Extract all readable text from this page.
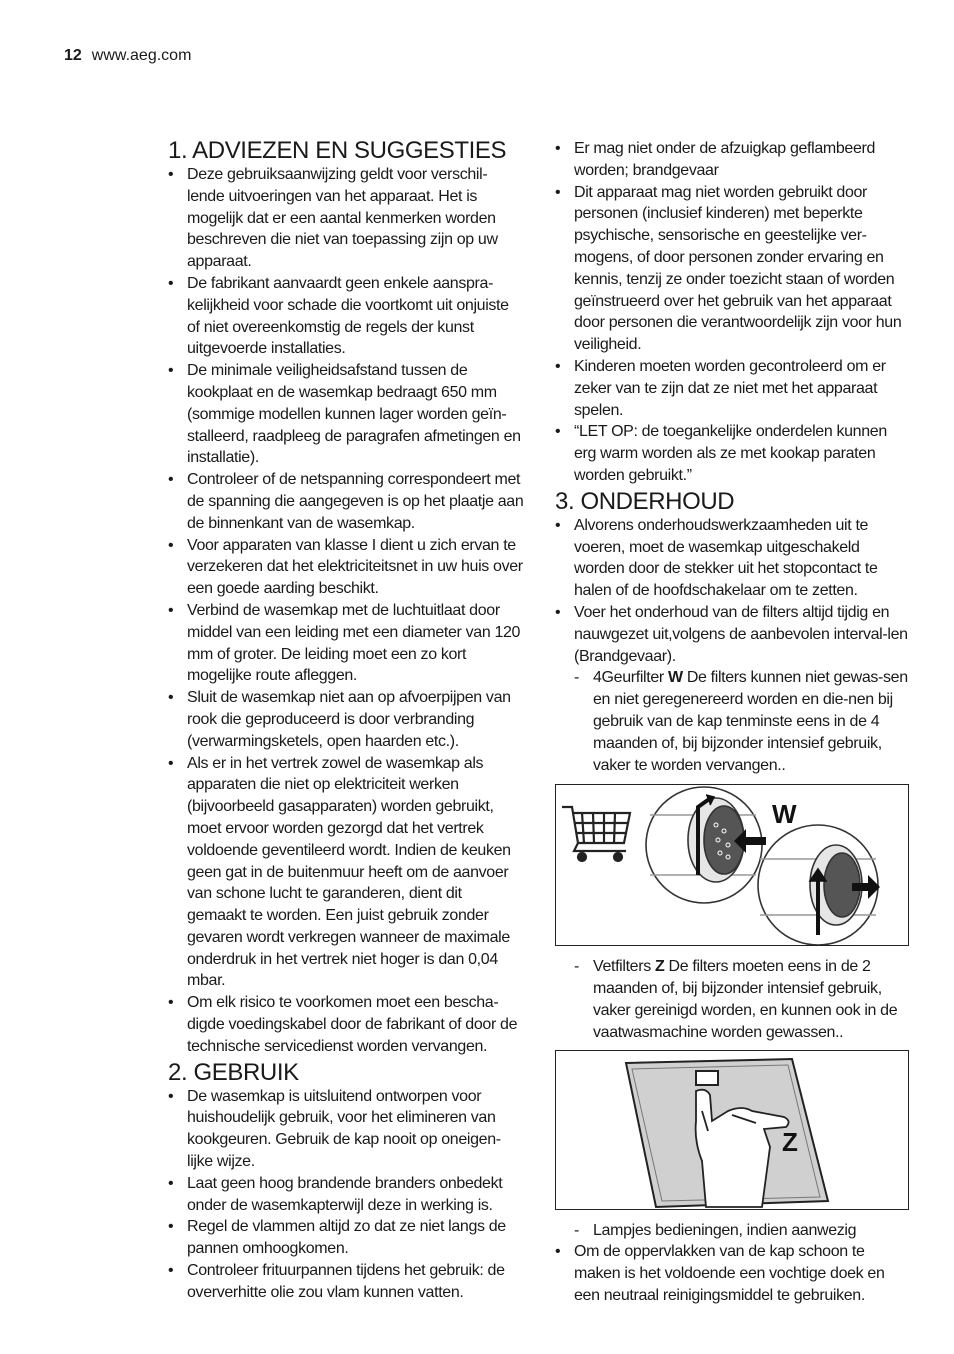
12 www.aeg.com
1. ADVIEZEN EN SUGGESTIES
• Deze gebruiksaanwijzing geldt voor verschil-lende uitvoeringen van het apparaat. Het is mogelijk dat er een aantal kenmerken worden beschreven die niet van toepassing zijn op uw apparaat.
• De fabrikant aanvaardt geen enkele aanspra-kelijkheid voor schade die voortkomt uit onjuiste of niet overeenkomstig de regels der kunst uitgevoerde installaties.
• De minimale veiligheidsafstand tussen de kookplaat en de wasemkap bedraagt 650 mm (sommige modellen kunnen lager worden geïn-stalleerd, raadpleeg de paragrafen afmetingen en installatie).
• Controleer of de netspanning correspondeert met de spanning die aangegeven is op het plaatje aan de binnenkant van de wasemkap.
• Voor apparaten van klasse I dient u zich ervan te verzekeren dat het elektriciteitsnet in uw huis over een goede aarding beschikt.
• Verbind de wasemkap met de luchtuitlaat door middel van een leiding met een diameter van 120 mm of groter. De leiding moet een zo kort mogelijke route afleggen.
• Sluit de wasemkap niet aan op afvoerpijpen van rook die geproduceerd is door verbranding (verwarmingsketels, open haarden etc.).
• Als er in het vertrek zowel de wasemkap als apparaten die niet op elektriciteit werken (bijvoorbeeld gasapparaten) worden gebruikt, moet ervoor worden gezorgd dat het vertrek voldoende geventileerd wordt. Indien de keuken geen gat in de buitenmuur heeft om de aanvoer van schone lucht te garanderen, dient dit gemaakt te worden. Een juist gebruik zonder gevaren wordt verkregen wanneer de maximale onderdruk in het vertrek niet hoger is dan 0,04 mbar.
• Om elk risico te voorkomen moet een bescha-digde voedingskabel door de fabrikant of door de technische servicedienst worden vervangen.
2. GEBRUIK
• De wasemkap is uitsluitend ontworpen voor huishoudelijk gebruik, voor het elimineren van kookgeuren. Gebruik de kap nooit op oneigen-lijke wijze.
• Laat geen hoog brandende branders onbedekt onder de wasemkapterwijl deze in werking is.
• Regel de vlammen altijd zo dat ze niet langs de pannen omhoogkomen.
• Controleer frituurpannen tijdens het gebruik: de oververhitte olie zou vlam kunnen vatten.
• Er mag niet onder de afzuigkap geflambeerd worden; brandgevaar
• Dit apparaat mag niet worden gebruikt door personen (inclusief kinderen) met beperkte psychische, sensorische en geestelijke ver-mogens, of door personen zonder ervaring en kennis, tenzij ze onder toezicht staan of worden geïnstrueerd over het gebruik van het apparaat door personen die verantwoordelijk zijn voor hun veiligheid.
• Kinderen moeten worden gecontroleerd om er zeker van te zijn dat ze niet met het apparaat spelen.
• “LET OP: de toegankelijke onderdelen kunnen erg warm worden als ze met kookap paraten worden gebruikt.”
3. ONDERHOUD
• Alvorens onderhoudswerkzaamheden uit te voeren, moet de wasemkap uitgeschakeld worden door de stekker uit het stopcontact te halen of de hoofdschakelaar om te zetten.
• Voer het onderhoud van de filters altijd tijdig en nauwgezet uit,volgens de aanbevolen interval-len (Brandgevaar).
- 4Geurfilter W De filters kunnen niet gewas-sen en niet geregenereerd worden en die-nen bij gebruik van de kap tenminste eens in de 4 maanden of, bij bijzonder intensief gebruik, vaker te worden vervangen..
W
- Vetfilters Z De filters moeten eens in de 2 maanden of, bij bijzonder intensief gebruik, vaker gereinigd worden, en kunnen ook in de vaatwasmachine worden gewassen..
Z
- Lampjes bedieningen, indien aanwezig
• Om de oppervlakken van de kap schoon te maken is het voldoende een vochtige doek en een neutraal reinigingsmiddel te gebruiken.
